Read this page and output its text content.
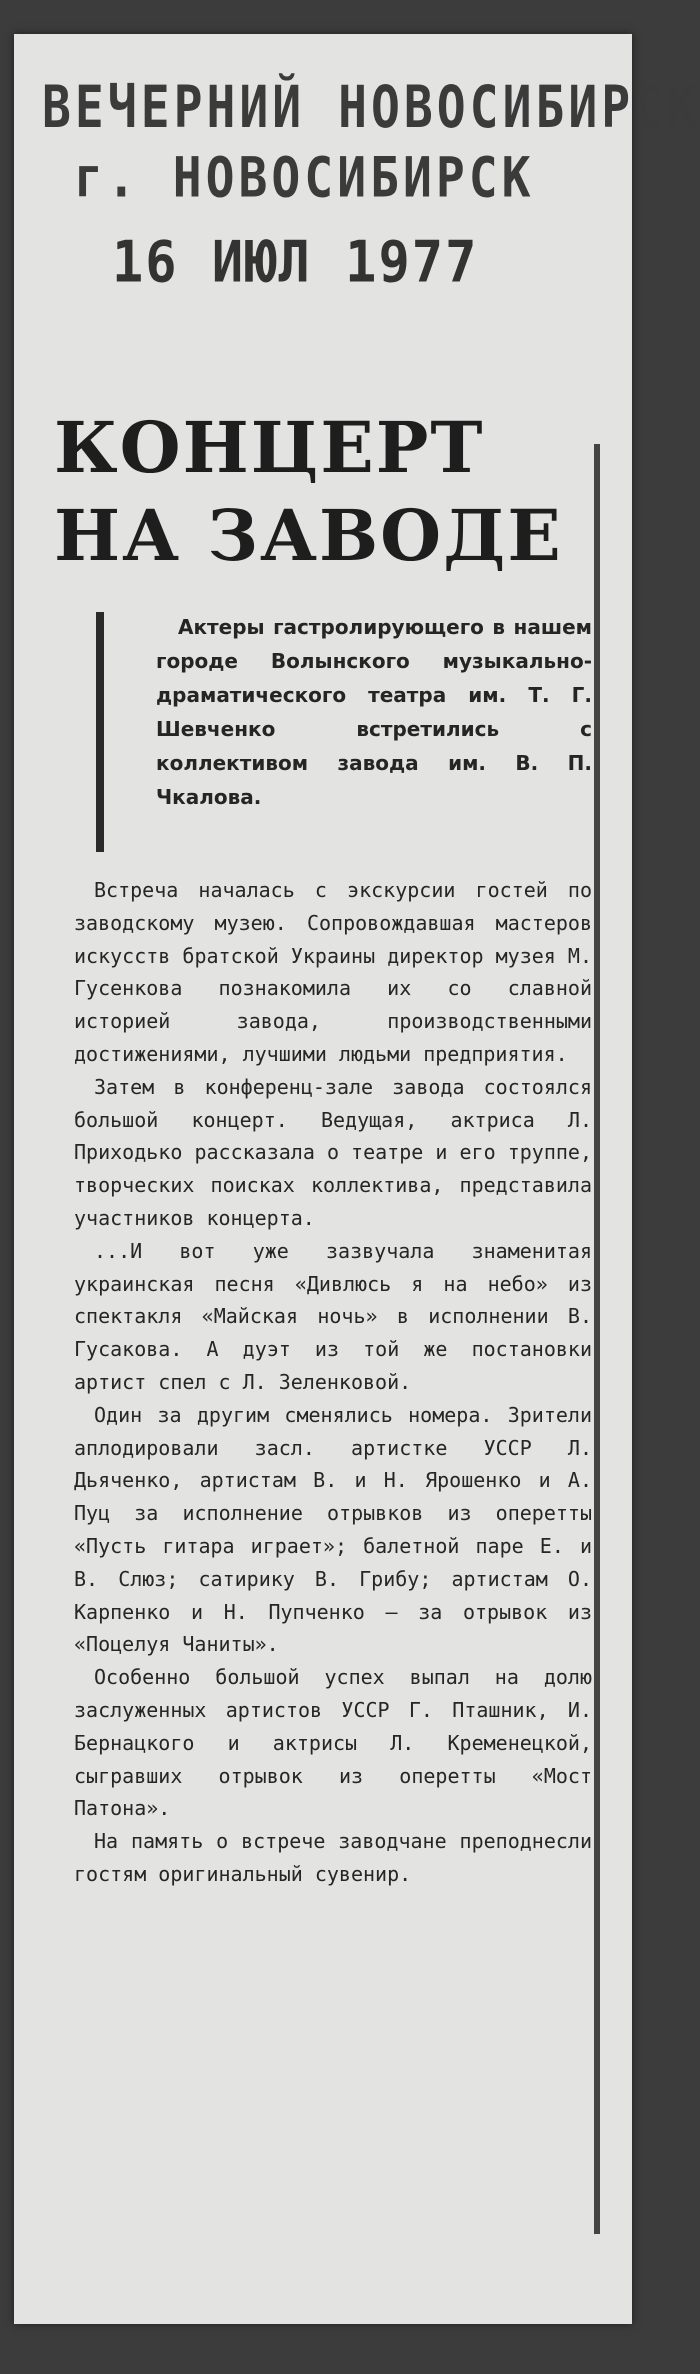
ВЕЧЕРНИЙ НОВОСИБИРСК
г. НОВОСИБИРСК
16 ИЮЛ 1977
КОНЦЕРТ
НА ЗАВОДЕ

Актеры гастролирующего в нашем городе Волынского музыкально-драматического театра им. Т. Г. Шевченко встретились с коллективом завода им. В. П. Чкалова.

Встреча началась с экскурсии гостей по заводскому музею. Сопровождавшая мастеров искусств братской Украины директор музея М. Гусенкова познакомила их со славной историей завода, производственными достижениями, лучшими людьми предприятия.

Затем в конференц-зале завода состоялся большой концерт. Ведущая, актриса Л. Приходько рассказала о театре и его труппе, творческих поисках коллектива, представила участников концерта.

...И вот уже зазвучала знаменитая украинская песня «Дивлюсь я на небо» из спектакля «Майская ночь» в исполнении В. Гусакова. А дуэт из той же постановки артист спел с Л. Зеленковой.

Один за другим сменялись номера. Зрители аплодировали засл. артистке УССР Л. Дьяченко, артистам В. и Н. Ярошенко и А. Пуц за исполнение отрывков из оперетты «Пусть гитара играет»; балетной паре Е. и В. Слюз; сатирику В. Грибу; артистам О. Карпенко и Н. Пупченко — за отрывок из «Поцелуя Чаниты».

Особенно большой успех выпал на долю заслуженных артистов УССР Г. Пташник, И. Бернацкого и актрисы Л. Кременецкой, сыгравших отрывок из оперетты «Мост Патона».

На память о встрече заводчане преподнесли гостям оригинальный сувенир.
